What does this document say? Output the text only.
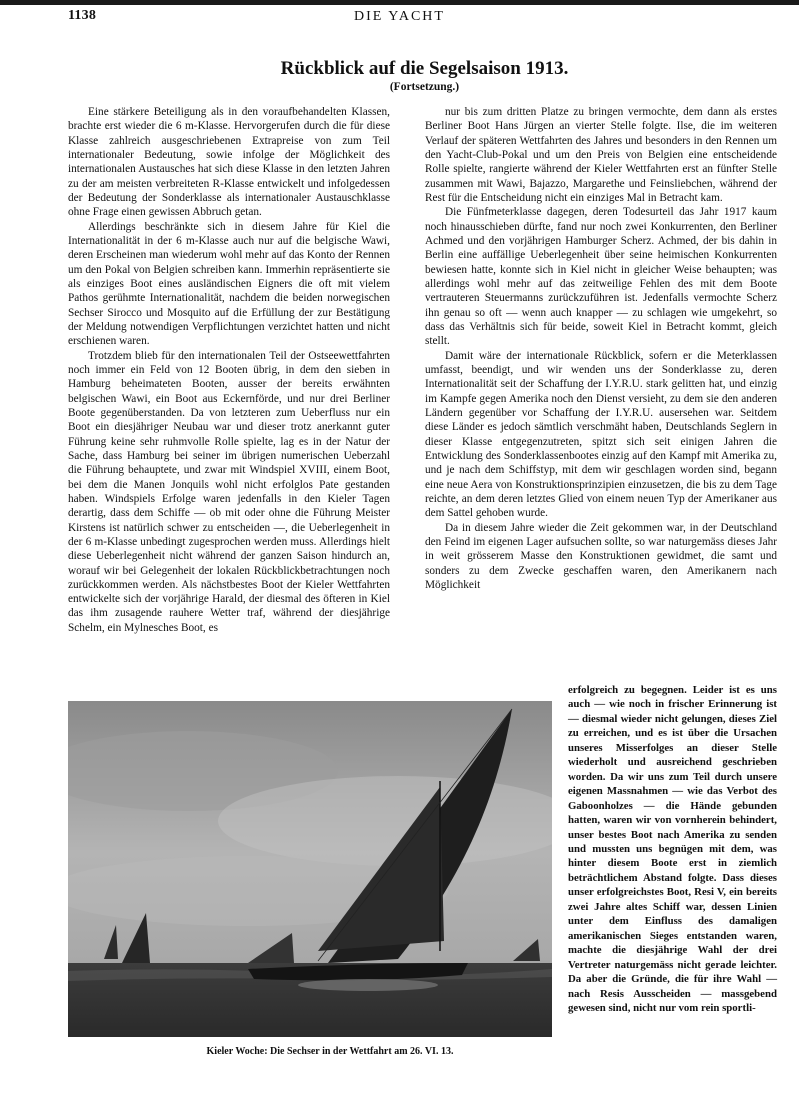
1138	DIE YACHT
Rückblick auf die Segelsaison 1913.
(Fortsetzung.)

Eine stärkere Beteiligung als in den voraufbehandelten Klassen, brachte erst wieder die 6 m-Klasse. Hervorgerufen durch die für diese Klasse zahlreich ausgeschriebenen Extrapreise von zum Teil internationaler Bedeutung, sowie infolge der Möglichkeit des internationalen Austausches hat sich diese Klasse in den letzten Jahren zu der am meisten verbreiteten R-Klasse entwickelt und infolgedessen der Bedeutung der Sonderklasse als internationaler Austauschklasse ohne Frage einen gewissen Abbruch getan.

Allerdings beschränkte sich in diesem Jahre für Kiel die Internationalität in der 6 m-Klasse auch nur auf die belgische Wawi, deren Erscheinen man wiederum wohl mehr auf das Konto der Rennen um den Pokal von Belgien schreiben kann. Immerhin repräsentierte sie als einziges Boot eines ausländischen Eigners die oft mit vielem Pathos gerühmte Internationalität, nachdem die beiden norwegischen Sechser Sirocco und Mosquito auf die Erfüllung der zur Bestätigung der Meldung notwendigen Verpflichtungen verzichtet hatten und nicht erschienen waren.

Trotzdem blieb für den internationalen Teil der Ostseewettfahrten noch immer ein Feld von 12 Booten übrig, in dem den sieben in Hamburg beheimateten Booten, ausser der bereits erwähnten belgischen Wawi, ein Boot aus Eckernförde, und nur drei Berliner Boote gegenüberstanden. Da von letzteren zum Ueberfluss nur ein Boot ein diesjähriger Neubau war und dieser trotz anerkannt guter Führung keine sehr ruhmvolle Rolle spielte, lag es in der Natur der Sache, dass Hamburg bei seiner im übrigen numerischen Ueberzahl die Führung behauptete, und zwar mit Windspiel XVIII, einem Boot, bei dem die Manen Jonquils wohl nicht erfolglos Pate gestanden haben. Windspiels Erfolge waren jedenfalls in den Kieler Tagen derartig, dass dem Schiffe — ob mit oder ohne die Führung Meister Kirstens ist natürlich schwer zu entscheiden —, die Ueberlegenheit in der 6 m-Klasse unbedingt zugesprochen werden muss. Allerdings hielt diese Ueberlegenheit nicht während der ganzen Saison hindurch an, worauf wir bei Gelegenheit der lokalen Rückblickbetrachtungen noch zurückkommen werden. Als nächstbestes Boot der Kieler Wettfahrten entwickelte sich der vorjährige Harald, der diesmal des öfteren in Kiel das ihm zusagende rauhere Wetter traf, während der diesjährige Schelm, ein Mylnesches Boot, es

nur bis zum dritten Platze zu bringen vermochte, dem dann als erstes Berliner Boot Hans Jürgen an vierter Stelle folgte. Ilse, die im weiteren Verlauf der späteren Wettfahrten des Jahres und besonders in den Rennen um den Yacht-Club-Pokal und um den Preis von Belgien eine entscheidende Rolle spielte, rangierte während der Kieler Wettfahrten erst an fünfter Stelle zusammen mit Wawi, Bajazzo, Margarethe und Feinsliebchen, während der Rest für die Entscheidung nicht ein einziges Mal in Betracht kam.

Die Fünfmeterklasse dagegen, deren Todesurteil das Jahr 1917 kaum noch hinausschieben dürfte, fand nur noch zwei Konkurrenten, den Berliner Achmed und den vorjährigen Hamburger Scherz. Achmed, der bis dahin in Berlin eine auffällige Ueberlegenheit über seine heimischen Konkurrenten bewiesen hatte, konnte sich in Kiel nicht in gleicher Weise behaupten; was allerdings wohl mehr auf das zeitweilige Fehlen des mit dem Boote vertrauteren Steuermanns zurückzuführen ist. Jedenfalls vermochte Scherz ihn genau so oft — wenn auch knapper — zu schlagen wie umgekehrt, so dass das Verhältnis sich für beide, soweit Kiel in Betracht kommt, gleich stellt.

Damit wäre der internationale Rückblick, sofern er die Meterklassen umfasst, beendigt, und wir wenden uns der Sonderklasse zu, deren Internationalität seit der Schaffung der I.Y.R.U. stark gelitten hat, und einzig im Kampfe gegen Amerika noch den Dienst versieht, zu dem sie den anderen Ländern gegenüber vor Schaffung der I.Y.R.U. ausersehen war. Seitdem diese Länder es jedoch sämtlich verschmäht haben, Deutschlands Seglern in dieser Klasse entgegenzutreten, spitzt sich seit einigen Jahren die Entwicklung des Sonderklassenbootes einzig auf den Kampf mit Amerika zu, und je nach dem Schiffstyp, mit dem wir geschlagen worden sind, begann eine neue Aera von Konstruktionsprinzipien einzusetzen, die bis zu dem Tage reichte, an dem deren letztes Glied von einem neuen Typ der Amerikaner aus dem Sattel gehoben wurde.

Da in diesem Jahre wieder die Zeit gekommen war, in der Deutschland den Feind im eigenen Lager aufsuchen sollte, so war naturgemäss dieses Jahr in weit grösserem Masse den Konstruktionen gewidmet, die samt und sonders zu dem Zwecke geschaffen waren, den Amerikanern nach Möglichkeit

erfolgreich zu begegnen. Leider ist es uns auch — wie noch in frischer Erinnerung ist — diesmal wieder nicht gelungen, dieses Ziel zu erreichen, und es ist über die Ursachen unseres Misserfolges an dieser Stelle wiederholt und ausreichend geschrieben worden. Da wir uns zum Teil durch unsere eigenen Massnahmen — wie das Verbot des Gaboonholzes — die Hände gebunden hatten, waren wir von vornherein behindert, unser bestes Boot nach Amerika zu senden und mussten uns begnügen mit dem, was hinter diesem Boote erst in ziemlich beträchtlichem Abstand folgte. Dass dieses unser erfolgreichstes Boot, Resi V, ein bereits zwei Jahre altes Schiff war, dessen Linien unter dem Einfluss des damaligen amerikanischen Sieges entstanden waren, machte die diesjährige Wahl der drei Vertreter naturgemäss nicht gerade leichter. Da aber die Gründe, die für ihre Wahl — nach Resis Ausscheiden — massgebend gewesen sind, nicht nur vom rein sportli-

Kieler Woche: Die Sechser in der Wettfahrt am 26. VI. 13.
